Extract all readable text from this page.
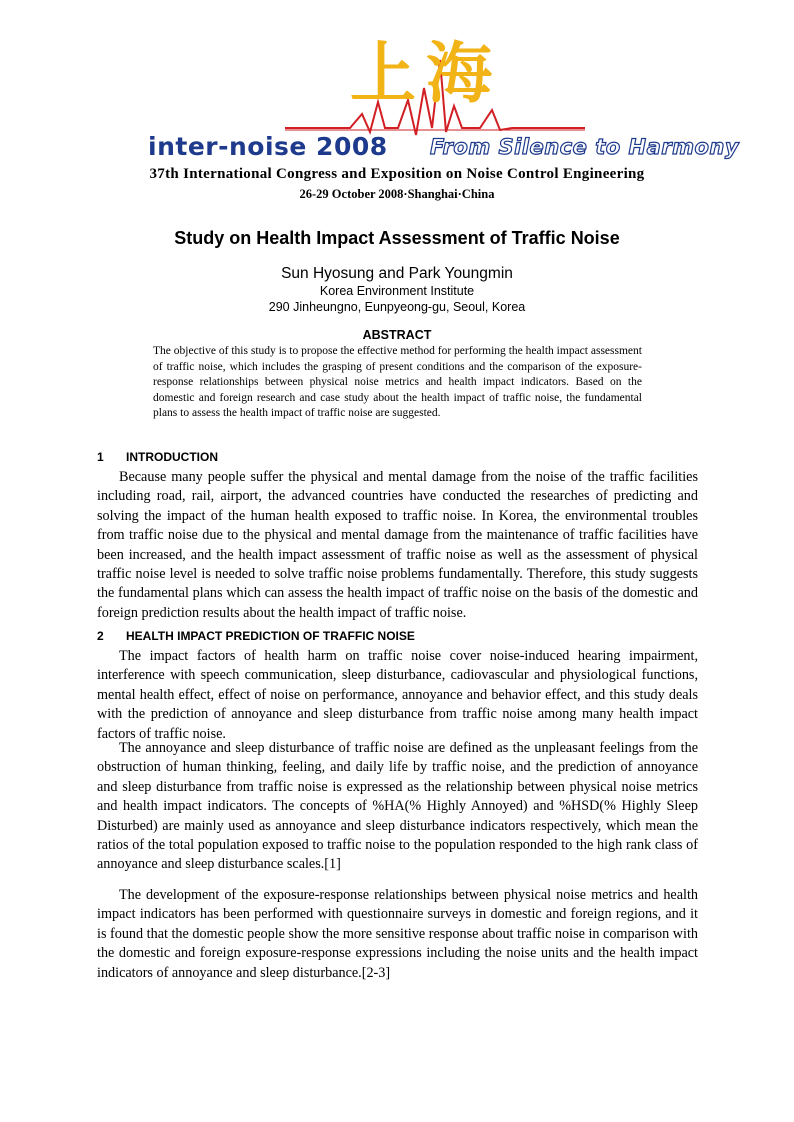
上海
inter-noise 2008 From Silence to Harmony
37th International Congress and Exposition on Noise Control Engineering
26-29 October 2008·Shanghai·China
Study on Health Impact Assessment of Traffic Noise
Sun Hyosung and Park Youngmin
Korea Environment Institute
290 Jinheungno, Eunpyeong-gu, Seoul, Korea
ABSTRACT

The objective of this study is to propose the effective method for performing the health impact assessment of traffic noise, which includes the grasping of present conditions and the comparison of the exposure-response relationships between physical noise metrics and health impact indicators. Based on the domestic and foreign research and case study about the health impact of traffic noise, the fundamental plans to assess the health impact of traffic noise are suggested.

1 INTRODUCTION

Because many people suffer the physical and mental damage from the noise of the traffic facilities including road, rail, airport, the advanced countries have conducted the researches of predicting and solving the impact of the human health exposed to traffic noise. In Korea, the environmental troubles from traffic noise due to the physical and mental damage from the maintenance of traffic facilities have been increased, and the health impact assessment of traffic noise as well as the assessment of physical traffic noise level is needed to solve traffic noise problems fundamentally. Therefore, this study suggests the fundamental plans which can assess the health impact of traffic noise on the basis of the domestic and foreign prediction results about the health impact of traffic noise.

2 HEALTH IMPACT PREDICTION OF TRAFFIC NOISE

The impact factors of health harm on traffic noise cover noise-induced hearing impairment, interference with speech communication, sleep disturbance, cadiovascular and physiological functions, mental health effect, effect of noise on performance, annoyance and behavior effect, and this study deals with the prediction of annoyance and sleep disturbance from traffic noise among many health impact factors of traffic noise.

The annoyance and sleep disturbance of traffic noise are defined as the unpleasant feelings from the obstruction of human thinking, feeling, and daily life by traffic noise, and the prediction of annoyance and sleep disturbance from traffic noise is expressed as the relationship between physical noise metrics and health impact indicators. The concepts of %HA(% Highly Annoyed) and %HSD(% Highly Sleep Disturbed) are mainly used as annoyance and sleep disturbance indicators respectively, which mean the ratios of the total population exposed to traffic noise to the population responded to the high rank class of annoyance and sleep disturbance scales.[1]

The development of the exposure-response relationships between physical noise metrics and health impact indicators has been performed with questionnaire surveys in domestic and foreign regions, and it is found that the domestic people show the more sensitive response about traffic noise in comparison with the domestic and foreign exposure-response expressions including the noise units and the health impact indicators of annoyance and sleep disturbance.[2-3]
